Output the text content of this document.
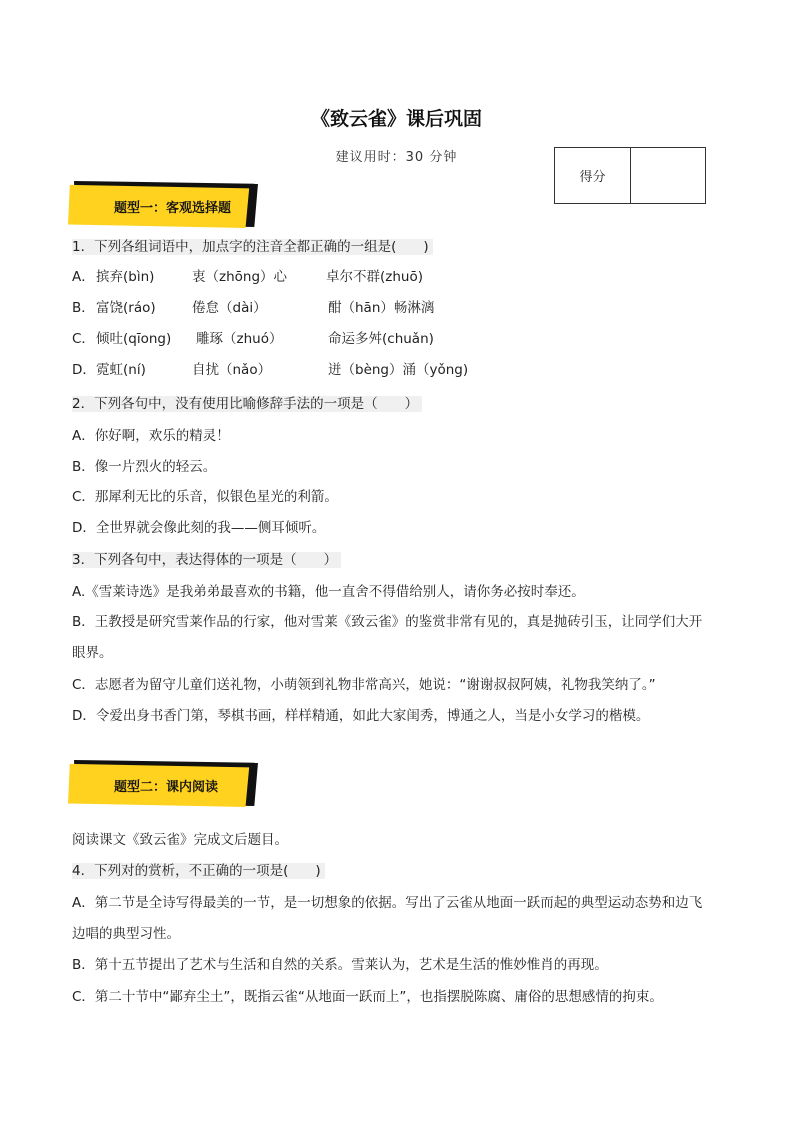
《致云雀》课后巩固
建议用时：30 分钟
得分
题型一：客观选择题
1．下列各组词语中，加点字的注音全都正确的一组是(　　)
A． 摈弃(bìn)	衷（zhōng）心	卓尔不群(zhuō)
B． 富饶(ráo)	倦怠（dài）	酣（hān）畅淋漓
C． 倾吐(qīong) 雕琢（zhuó）	命运多舛(chuǎn)
D． 霓虹(ní)	自扰（nǎo）	迸（bèng）涌（yǒng)
2．下列各句中，没有使用比喻修辞手法的一项是（　　）
A．你好啊，欢乐的精灵！
B．像一片烈火的轻云。
C．那犀利无比的乐音，似银色星光的利箭。
D．全世界就会像此刻的我——侧耳倾听。
3．下列各句中，表达得体的一项是（　　）
A.《雪莱诗选》是我弟弟最喜欢的书籍，他一直舍不得借给别人，请你务必按时奉还。
B．王教授是研究雪莱作品的行家，他对雪莱《致云雀》的鉴赏非常有见的，真是抛砖引玉，让同学们大开
眼界。
C．志愿者为留守儿童们送礼物，小萌领到礼物非常高兴，她说：“谢谢叔叔阿姨，礼物我笑纳了。”
D．令爱出身书香门第，琴棋书画，样样精通，如此大家闺秀，博通之人，当是小女学习的楷模。
题型二：课内阅读
阅读课文《致云雀》完成文后题目。
4．下列对的赏析，不正确的一项是(　　)
A．第二节是全诗写得最美的一节，是一切想象的依据。写出了云雀从地面一跃而起的典型运动态势和边飞
边唱的典型习性。
B．第十五节提出了艺术与生活和自然的关系。雪莱认为，艺术是生活的惟妙惟肖的再现。
C．第二十节中“鄙弃尘土”，既指云雀“从地面一跃而上”，也指摆脱陈腐、庸俗的思想感情的拘束。
